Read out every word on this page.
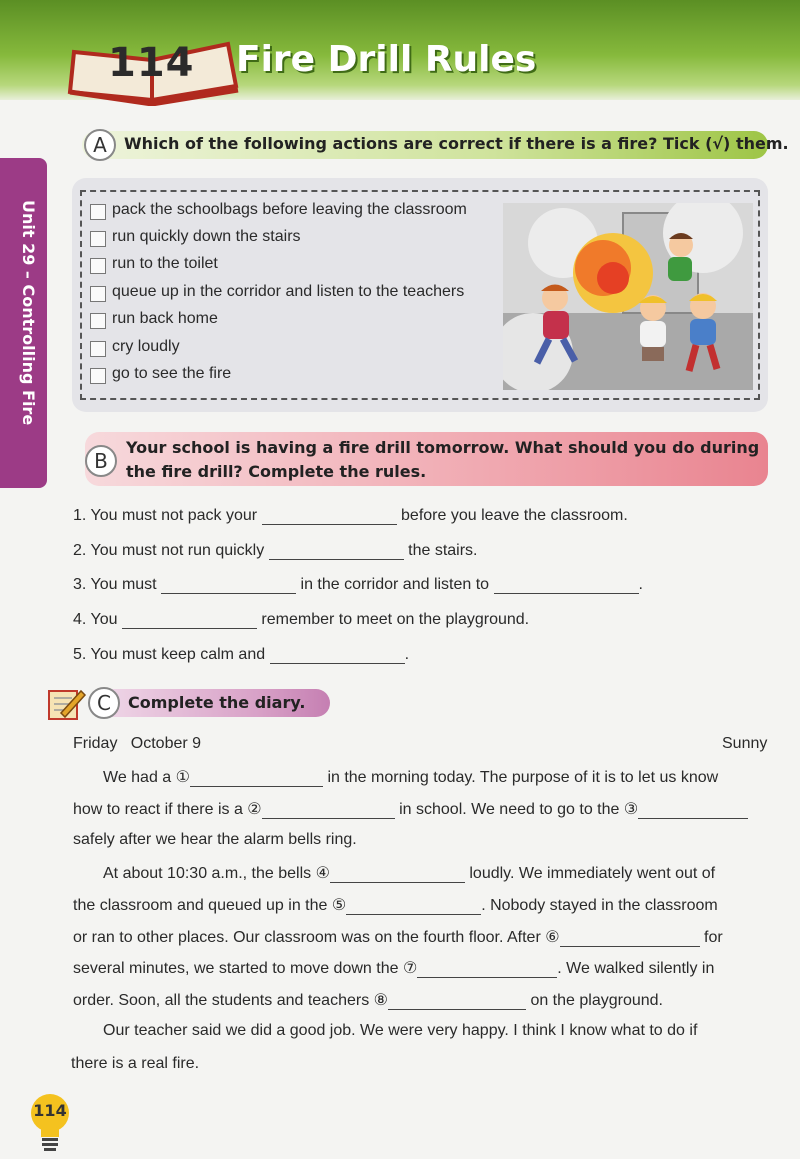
114 Fire Drill Rules
Unit 29 – Controlling Fire
A	Which of the following actions are correct if there is a fire? Tick (√) them.
pack the schoolbags before leaving the classroom
run quickly down the stairs
run to the toilet
queue up in the corridor and listen to the teachers
run back home
cry loudly
go to see the fire
B
Your school is having a fire drill tomorrow. What should you do during
the fire drill? Complete the rules.
1. You must not pack your	before you leave the classroom.
2. You must not run quickly	the stairs.
3. You must	in the corridor and listen to	.
4. You	remember to meet on the playground.
5. You must keep calm and	.
C	Complete the diary.
Friday   October 9	Sunny
We had a ①	in the morning today. The purpose of it is to let us know
how to react if there is a ②	in school. We need to go to the ③
safely after we hear the alarm bells ring.
At about 10:30 a.m., the bells ④	loudly. We immediately went out of
the classroom and queued up in the ⑤	. Nobody stayed in the classroom
or ran to other places. Our classroom was on the fourth floor. After ⑥	for
several minutes, we started to move down the ⑦	. We walked silently in
order. Soon, all the students and teachers ⑧	on the playground.
Our teacher said we did a good job. We were very happy. I think I know what to do if
there is a real fire.
114
